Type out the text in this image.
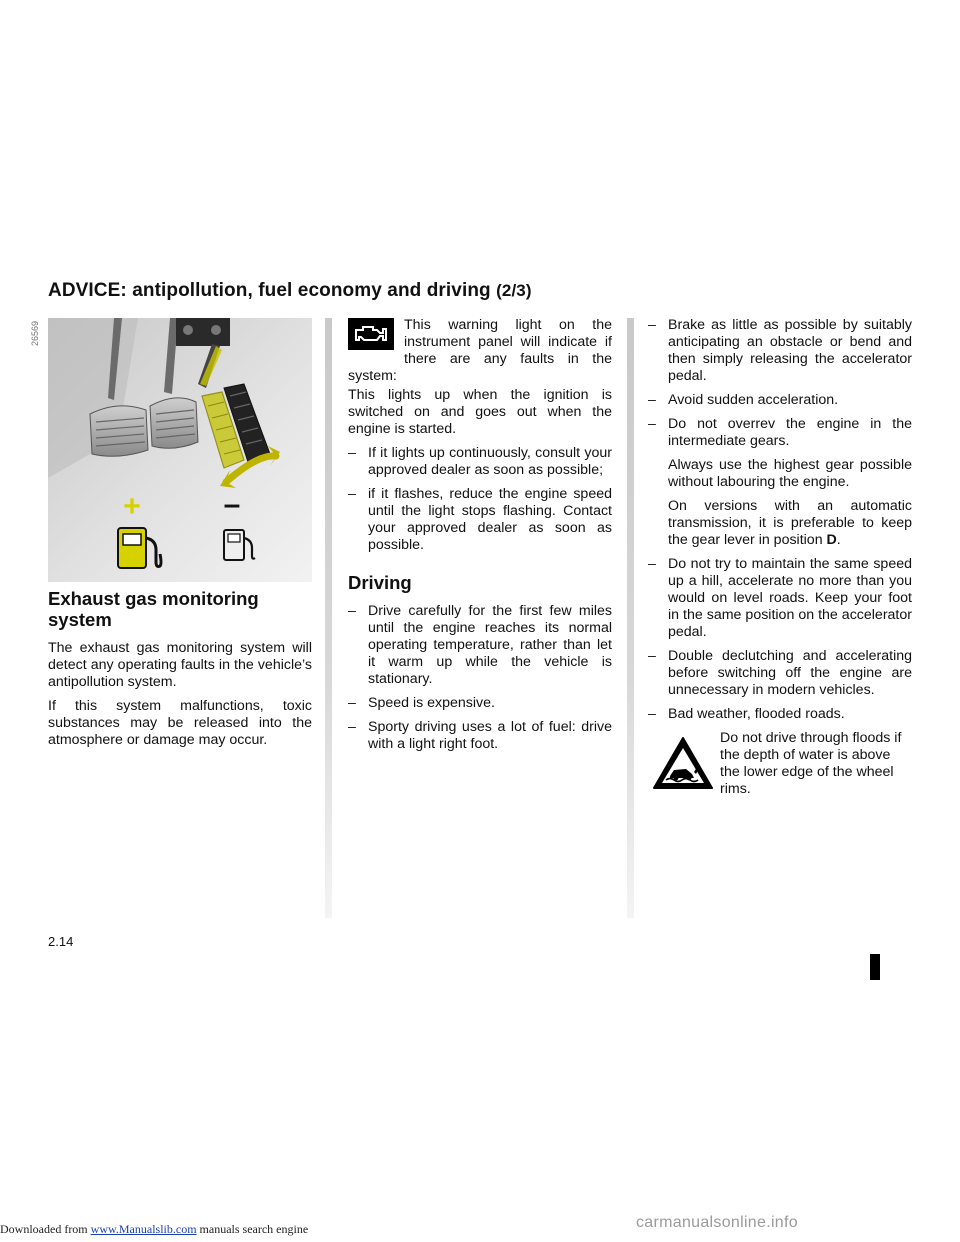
Downloaded from www.Manualslib.com manuals search engine
ADVICE: antipollution, fuel economy and driving (2/3)
+	–
26569
Exhaust gas monitoring system

The exhaust gas monitoring system will detect any operating faults in the vehicle’s antipollution system.

If this system malfunctions, toxic substances may be released into the atmosphere or damage may occur.

This warning light on the instrument panel will indicate if there are any faults in the system:

This lights up when the ignition is switched on and goes out when the engine is started.

– If it lights up continuously, consult your approved dealer as soon as possible;
– if it flashes, reduce the engine speed until the light stops flashing. Contact your approved dealer as soon as possible.
Driving
– Drive carefully for the first few miles until the engine reaches its normal operating temperature, rather than let it warm up while the vehicle is stationary.
– Speed is expensive.
– Sporty driving uses a lot of fuel: drive with a light right foot.
– Brake as little as possible by suitably anticipating an obstacle or bend and then simply releasing the accelerator pedal.
– Avoid sudden acceleration.
– Do not overrev the engine in the intermediate gears.
Always use the highest gear possible without labouring the engine.
On versions with an automatic transmission, it is preferable to keep the gear lever in position D.
– Do not try to maintain the same speed up a hill, accelerate no more than you would on level roads. Keep your foot in the same position on the accelerator pedal.
– Double declutching and accelerating before switching off the engine are unnecessary in modern vehicles.
– Bad weather, flooded roads.

Do not drive through floods if the depth of water is above the lower edge of the wheel rims.

2.14
carmanualsonline.info
